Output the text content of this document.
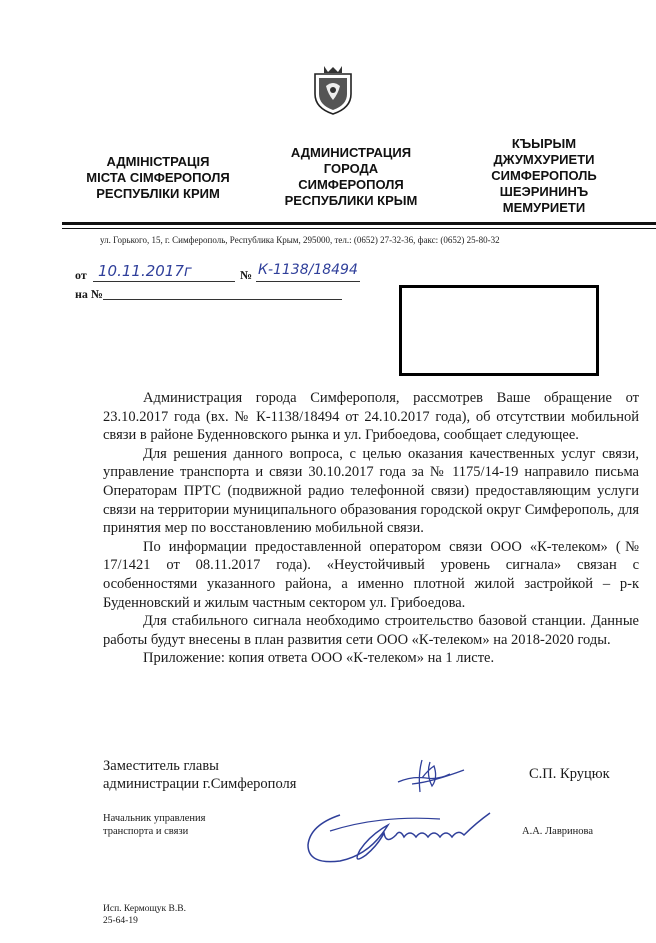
АДМІНІСТРАЦІЯ
МІСТА СІМФЕРОПОЛЯ
РЕСПУБЛІКИ КРИМ
АДМИНИСТРАЦИЯ
ГОРОДА
СИМФЕРОПОЛЯ
РЕСПУБЛИКИ КРЫМ
КЪЫРЫМ
ДЖУМХУРИЕТИ
СИМФЕРОПОЛЬ
ШЕЭРИНИНЪ
МЕМУРИЕТИ
ул. Горького, 15, г. Симферополь, Республика Крым, 295000, тел.: (0652) 27-32-36, факс: (0652) 25-80-32
от 10.11.2017г	№ К-1138/18494
на №

Администрация города Симферополя, рассмотрев Ваше обращение от 23.10.2017 года (вх. № К-1138/18494 от 24.10.2017 года), об отсутствии мобильной связи в районе Буденновского рынка и ул. Грибоедова, сообщает следующее.

Для решения данного вопроса, с целью оказания качественных услуг связи, управление транспорта и связи 30.10.2017 года за № 1175/14-19 направило письма Операторам ПРТС (подвижной радио телефонной связи) предоставляющим услуги связи на территории муниципального образования городской округ Симферополь, для принятия мер по восстановлению мобильной связи.

По информации предоставленной оператором связи ООО «К-телеком» (№ 17/1421 от 08.11.2017 года). «Неустойчивый уровень сигнала» связан с особенностями указанного района, а именно плотной жилой застройкой – р-к Буденновский и жилым частным сектором ул. Грибоедова.

Для стабильного сигнала необходимо строительство базовой станции. Данные работы будут внесены в план развития сети ООО «К-телеком» на 2018-2020 годы.

Приложение: копия ответа ООО «К-телеком» на 1 листе.

Заместитель главы
администрации г.Симферополя
С.П. Круцюк
Начальник управления
транспорта и связи	А.А. Лавринова
Исп. Кермощук В.В.
25-64-19
